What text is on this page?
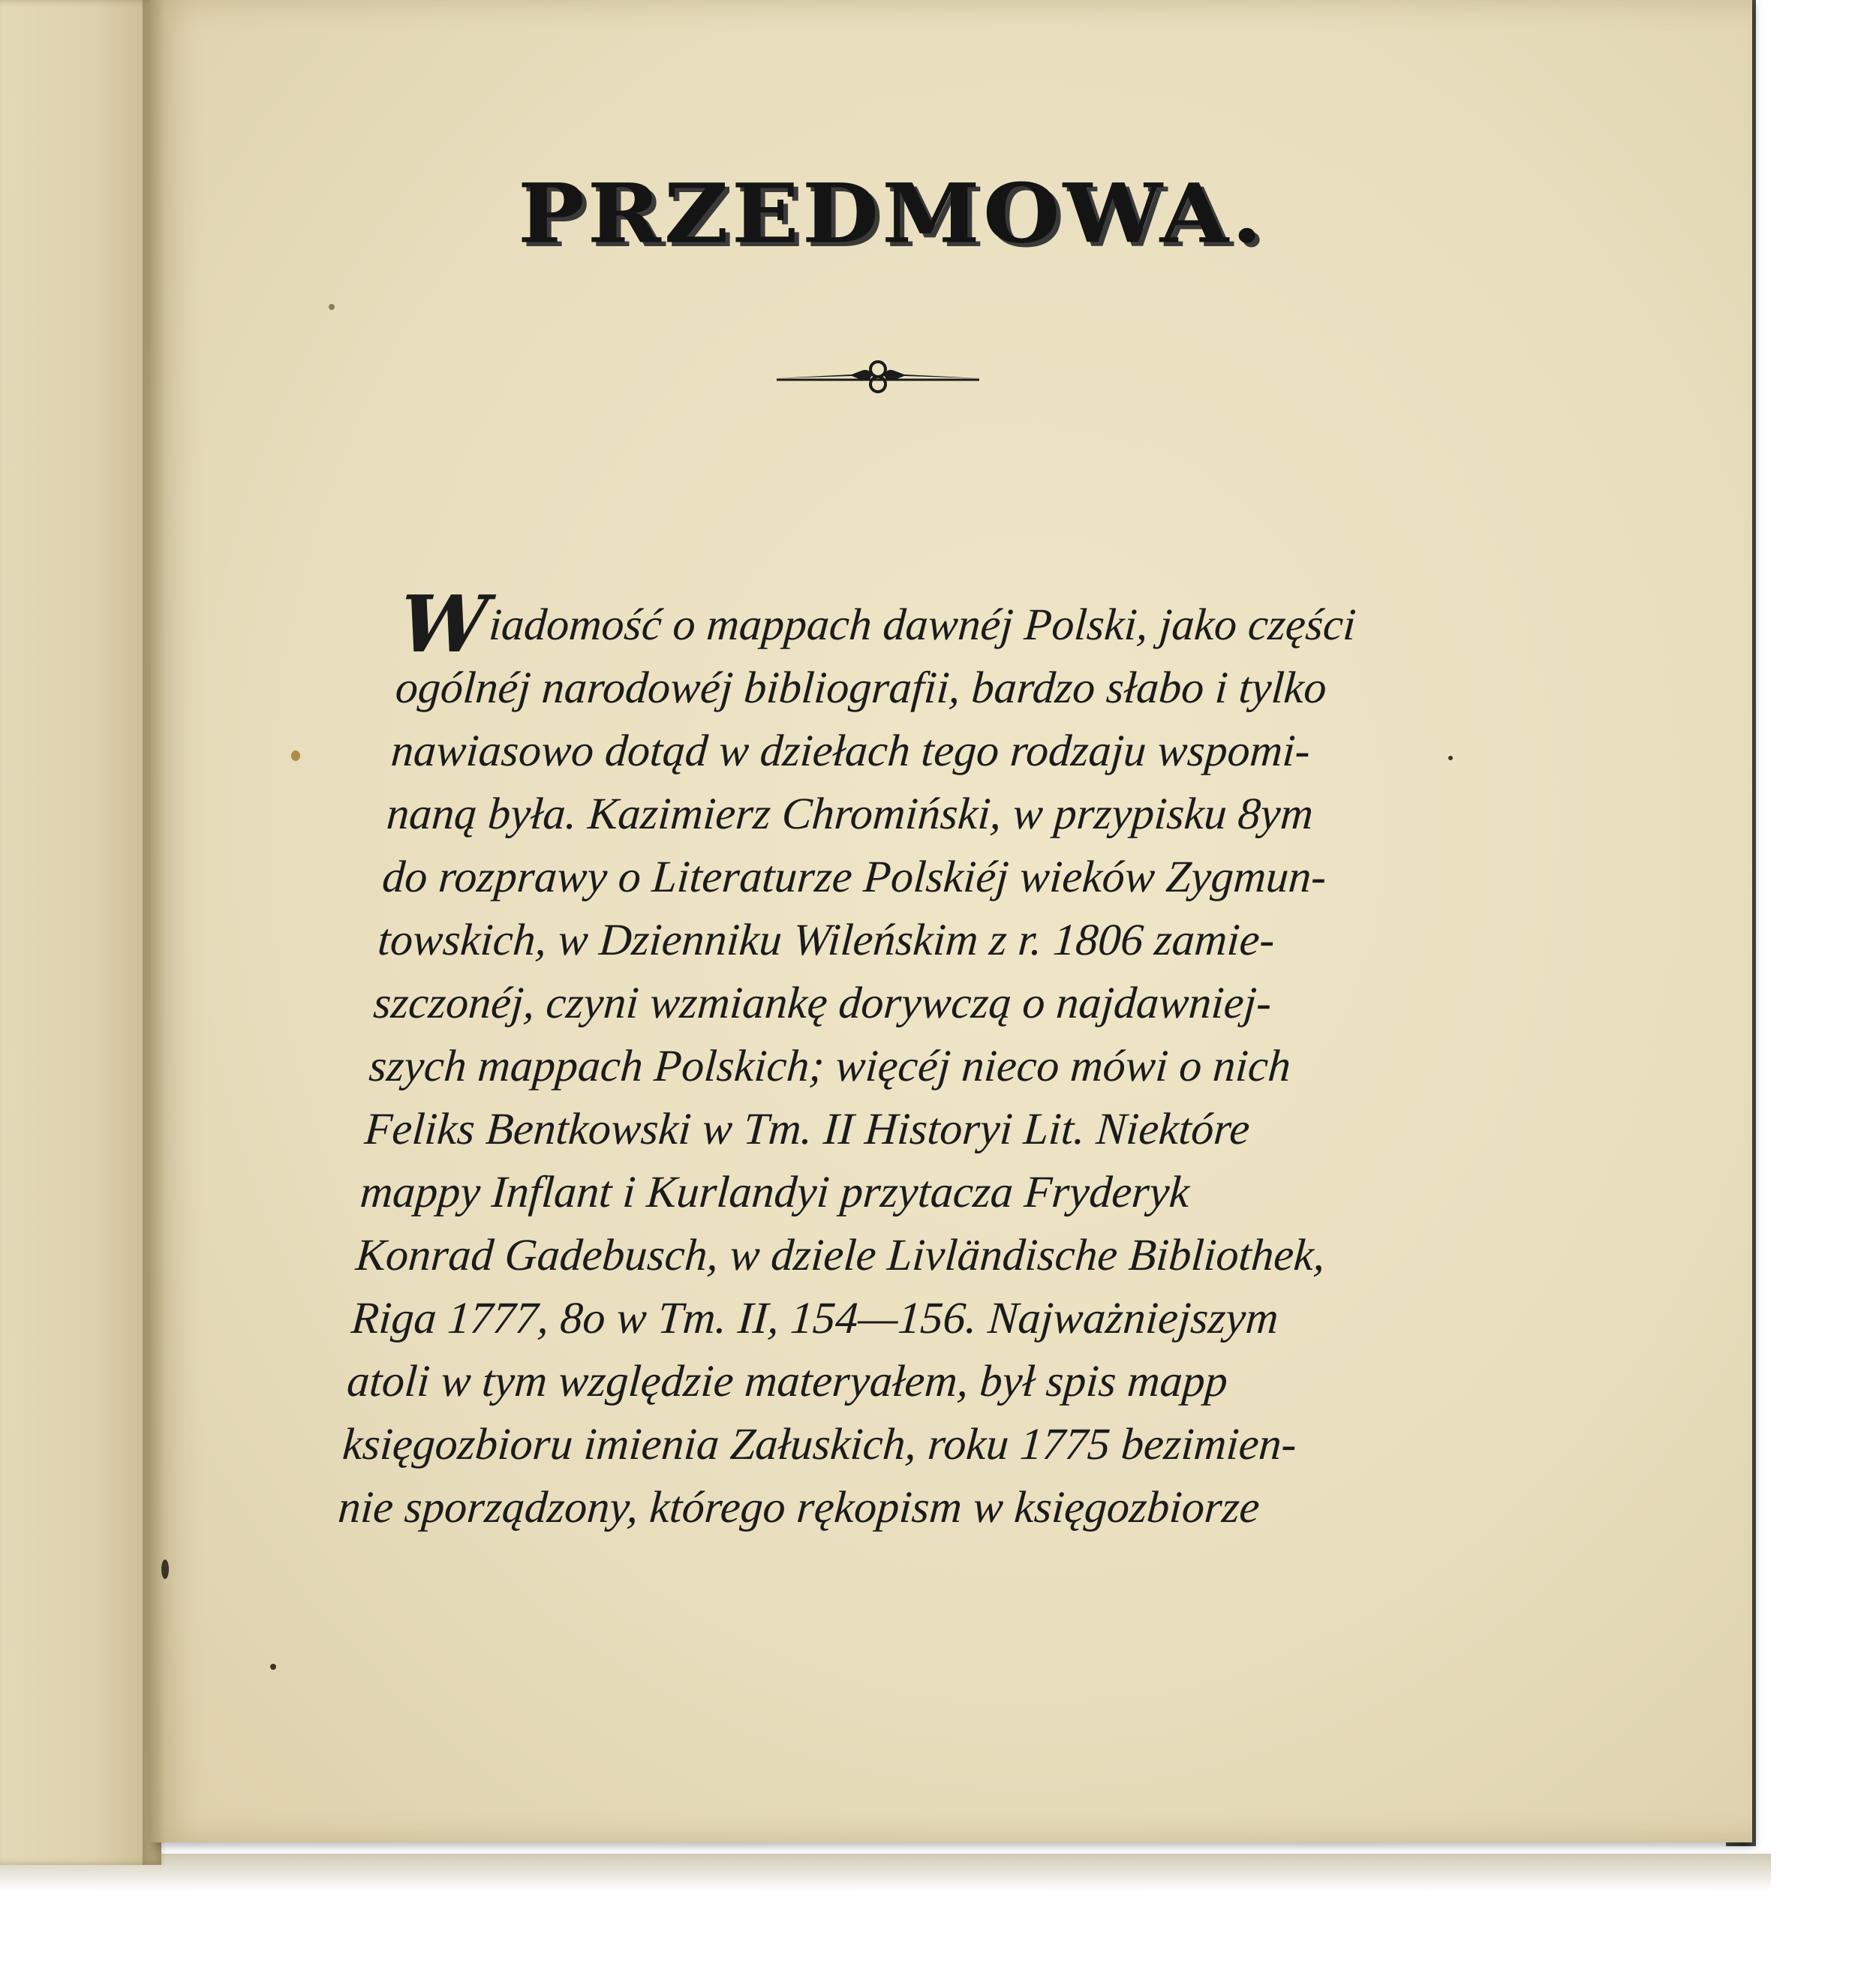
PRZEDMOWA.
Wiadomość o mappach dawnéj Polski, jako części
ogólnéj narodowéj bibliografii, bardzo słabo i tylko
nawiasowo dotąd w dziełach tego rodzaju wspomi-
naną była. Kazimierz Chromiński, w przypisku 8ym
do rozprawy o Literaturze Polskiéj wieków Zygmun-
towskich, w Dzienniku Wileńskim z r. 1806 zamie-
szczonéj, czyni wzmiankę dorywczą o najdawniej-
szych mappach Polskich; więcéj nieco mówi o nich
Feliks Bentkowski w Tm. II Historyi Lit. Niektóre
mappy Inflant i Kurlandyi przytacza Fryderyk
Konrad Gadebusch, w dziele Livländische Bibliothek,
Riga 1777, 8o w Tm. II, 154—156. Najważniejszym
atoli w tym względzie materyałem, był spis mapp
księgozbioru imienia Załuskich, roku 1775 bezimien-
nie sporządzony, którego rękopism w księgozbiorze
